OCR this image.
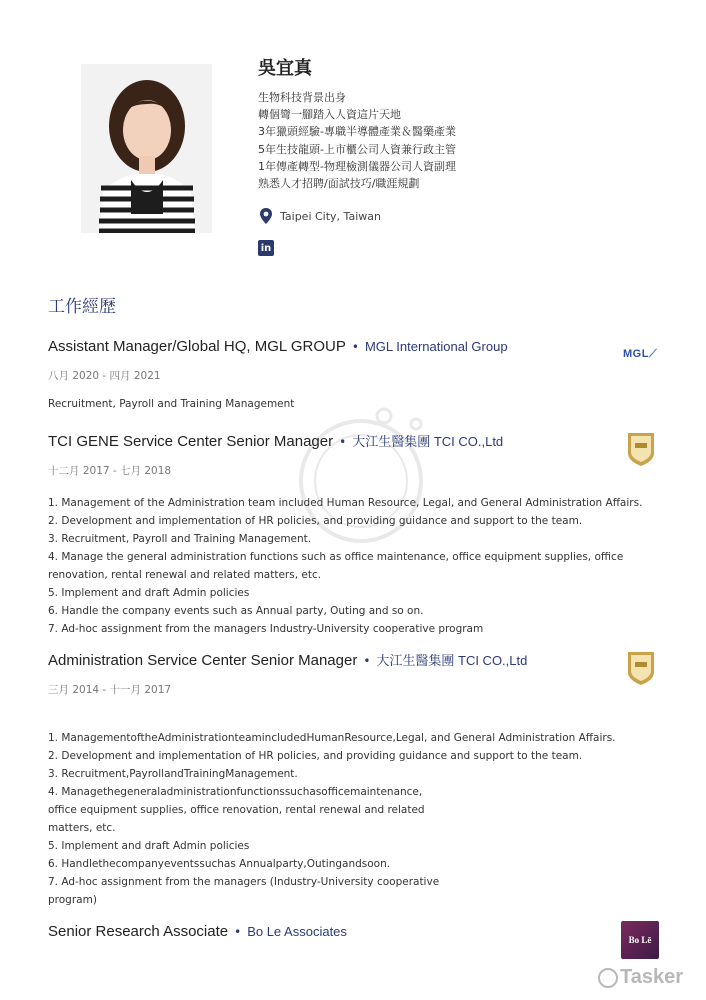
吳宜真
生物科技背景出身
轉個彎一腳踏入人資這片天地
3年獵頭經驗-專職半導體產業＆醫藥產業
5年生技龍頭-上市櫃公司人資兼行政主管
1年傳產轉型-物理檢測儀器公司人資副理
熟悉人才招聘/面試技巧/職涯規劃
Taipei City, Taiwan
in
工作經歷
Assistant Manager/Global HQ, MGL GROUP • MGL International Group
八月 2020 - 四月 2021
Recruitment, Payroll and Training Management
MGL⟋
TCI GENE Service Center Senior Manager • 大江生醫集團 TCI CO.,Ltd
十二月 2017 - 七月 2018
1. Management of the Administration team included Human Resource, Legal, and General Administration Affairs.
2. Development and implementation of HR policies, and providing guidance and support to the team.
3. Recruitment, Payroll and Training Management.
4. Manage the general administration functions such as office maintenance, office equipment supplies, office
renovation, rental renewal and related matters, etc.
5. Implement and draft Admin policies
6. Handle the company events such as Annual party, Outing and so on.
7. Ad-hoc assignment from the managers Industry-University cooperative program
Administration Service Center Senior Manager • 大江生醫集團 TCI CO.,Ltd
三月 2014 - 十一月 2017
1. ManagementoftheAdministrationteamincludedHumanResource,Legal, and General Administration Affairs.
2. Development and implementation of HR policies, and providing guidance and support to the team.
3. Recruitment,PayrollandTrainingManagement.
4. Managethegeneraladministrationfunctionssuchasofficemaintenance,
office equipment supplies, office renovation, rental renewal and related
matters, etc.
5. Implement and draft Admin policies
6. Handlethecompanyeventssuchas Annualparty,Outingandsoon.
7. Ad-hoc assignment from the managers (Industry-University cooperative
program)
Senior Research Associate • Bo Le Associates
Bo Lē
Tasker
